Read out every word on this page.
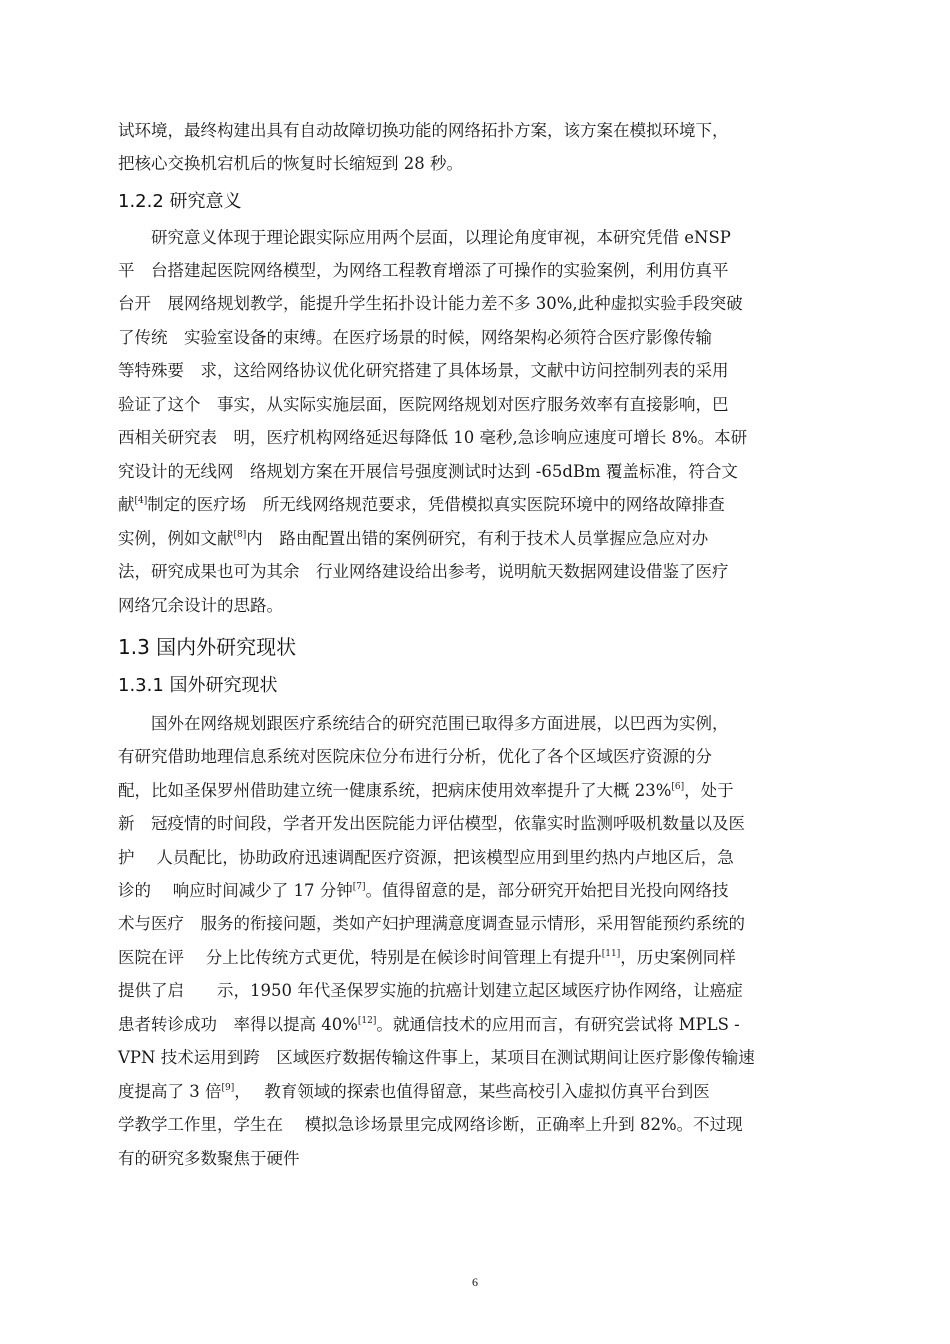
试环境，最终构建出具有自动故障切换功能的网络拓扑方案，该方案在模拟环境下，
把核心交换机宕机后的恢复时长缩短到 28 秒。
1.2.2 研究意义
　　研究意义体现于理论跟实际应用两个层面，以理论角度审视，本研究凭借 eNSP
平　台搭建起医院网络模型，为网络工程教育增添了可操作的实验案例，利用仿真平
台开　展网络规划教学，能提升学生拓扑设计能力差不多 30%,此种虚拟实验手段突破
了传统　实验室设备的束缚。在医疗场景的时候，网络架构必须符合医疗影像传输
等特殊要　求，这给网络协议优化研究搭建了具体场景，文献中访问控制列表的采用
验证了这个　事实，从实际实施层面，医院网络规划对医疗服务效率有直接影响，巴
西相关研究表　明，医疗机构网络延迟每降低 10 毫秒,急诊响应速度可增长 8%。本研
究设计的无线网　络规划方案在开展信号强度测试时达到 -65dBm 覆盖标准，符合文
献[4]制定的医疗场　所无线网络规范要求，凭借模拟真实医院环境中的网络故障排查
实例，例如文献[8]内　路由配置出错的案例研究，有利于技术人员掌握应急应对办
法，研究成果也可为其余　行业网络建设给出参考，说明航天数据网建设借鉴了医疗
网络冗余设计的思路。
1.3 国内外研究现状
1.3.1 国外研究现状
　　国外在网络规划跟医疗系统结合的研究范围已取得多方面进展，以巴西为实例，
有研究借助地理信息系统对医院床位分布进行分析，优化了各个区域医疗资源的分
配，比如圣保罗州借助建立统一健康系统，把病床使用效率提升了大概 23%[6]，处于
新　冠疫情的时间段，学者开发出医院能力评估模型，依靠实时监测呼吸机数量以及医
护　 人员配比，协助政府迅速调配医疗资源，把该模型应用到里约热内卢地区后，急
诊的　 响应时间减少了 17 分钟[7]。值得留意的是，部分研究开始把目光投向网络技
术与医疗　服务的衔接问题，类如产妇护理满意度调查显示情形，采用智能预约系统的
医院在评　 分上比传统方式更优，特别是在候诊时间管理上有提升[11]，历史案例同样
提供了启　　示，1950 年代圣保罗实施的抗癌计划建立起区域医疗协作网络，让癌症
患者转诊成功　率得以提高 40%[12]。就通信技术的应用而言，有研究尝试将 MPLS -
VPN 技术运用到跨　区域医疗数据传输这件事上，某项目在测试期间让医疗影像传输速
度提高了 3 倍[9]，　 教育领域的探索也值得留意，某些高校引入虚拟仿真平台到医
学教学工作里，学生在　 模拟急诊场景里完成网络诊断，正确率上升到 82%。不过现
有的研究多数聚焦于硬件
6
